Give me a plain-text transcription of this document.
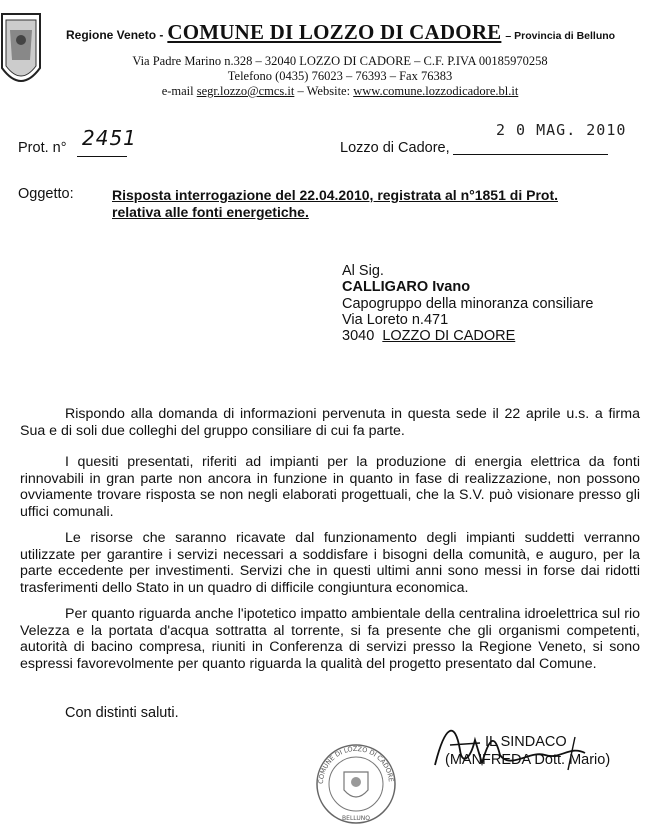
Regione Veneto - COMUNE DI LOZZO DI CADORE – Provincia di Belluno
Via Padre Marino n.328 – 32040 LOZZO DI CADORE – C.F. P.IVA 00185970258
Telefono (0435) 76023 – 76393 – Fax 76383
e-mail segr.lozzo@cmcs.it – Website: www.comune.lozzodicadore.bl.it
Prot. n° 2451	2 0 MAG. 2010
Lozzo di Cadore,
Oggetto:	Risposta interrogazione del 22.04.2010, registrata al n°1851 di Prot.
relativa alle fonti energetiche.
Al Sig.
CALLIGARO Ivano
Capogruppo della minoranza consiliare
Via Loreto n.471
3040 LOZZO DI CADORE
Rispondo alla domanda di informazioni pervenuta in questa sede il 22 aprile u.s. a firma Sua e di soli due colleghi del gruppo consiliare di cui fa parte.
I quesiti presentati, riferiti ad impianti per la produzione di energia elettrica da fonti rinnovabili in gran parte non ancora in funzione in quanto in fase di realizzazione, non possono ovviamente trovare risposta se non negli elaborati progettuali, che la S.V. può visionare presso gli uffici comunali.
Le risorse che saranno ricavate dal funzionamento degli impianti suddetti verranno utilizzate per garantire i servizi necessari a soddisfare i bisogni della comunità, e auguro, per la parte eccedente per investimenti. Servizi che in questi ultimi anni sono messi in forse dai ridotti trasferimenti dello Stato in un quadro di difficile congiuntura economica.
Per quanto riguarda anche l'ipotetico impatto ambientale della centralina idroelettrica sul rio Velezza e la portata d'acqua sottratta al torrente, si fa presente che gli organismi competenti, autorità di bacino compresa, riuniti in Conferenza di servizi presso la Regione Veneto, si sono espressi favorevolmente per quanto riguarda la qualità del progetto presentato dal Comune.
Con distinti saluti.
IL SINDACO
(MANFREDA Dott. Mario)
COMUNE DI LOZZO DI CADORE
BELLUNO
